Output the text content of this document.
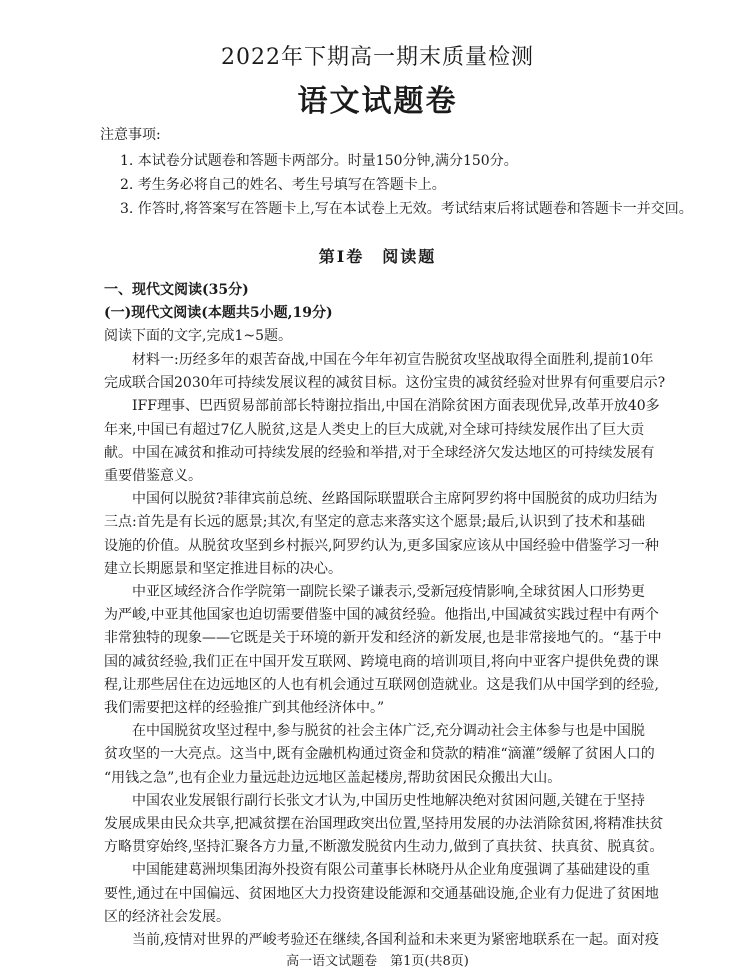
2022年下期高一期末质量检测
语文试题卷
注意事项:
1. 本试卷分试题卷和答题卡两部分。时量150分钟,满分150分。
2. 考生务必将自己的姓名、考生号填写在答题卡上。
3. 作答时,将答案写在答题卡上,写在本试卷上无效。考试结束后将试题卷和答题卡一并交回。
第Ⅰ卷　阅读题
一、现代文阅读(35分)
(一)现代文阅读(本题共5小题,19分)
阅读下面的文字,完成1~5题。
材料一:历经多年的艰苦奋战,中国在今年年初宣告脱贫攻坚战取得全面胜利,提前10年
完成联合国2030年可持续发展议程的减贫目标。这份宝贵的减贫经验对世界有何重要启示?
IFF理事、巴西贸易部前部长特谢拉指出,中国在消除贫困方面表现优异,改革开放40多
年来,中国已有超过7亿人脱贫,这是人类史上的巨大成就,对全球可持续发展作出了巨大贡
献。中国在减贫和推动可持续发展的经验和举措,对于全球经济欠发达地区的可持续发展有
重要借鉴意义。
中国何以脱贫?菲律宾前总统、丝路国际联盟联合主席阿罗约将中国脱贫的成功归结为
三点:首先是有长远的愿景;其次,有坚定的意志来落实这个愿景;最后,认识到了技术和基础
设施的价值。从脱贫攻坚到乡村振兴,阿罗约认为,更多国家应该从中国经验中借鉴学习一种
建立长期愿景和坚定推进目标的决心。
中亚区域经济合作学院第一副院长梁子谦表示,受新冠疫情影响,全球贫困人口形势更
为严峻,中亚其他国家也迫切需要借鉴中国的减贫经验。他指出,中国减贫实践过程中有两个
非常独特的现象——它既是关于环境的新开发和经济的新发展,也是非常接地气的。“基于中
国的减贫经验,我们正在中国开发互联网、跨境电商的培训项目,将向中亚客户提供免费的课
程,让那些居住在边远地区的人也有机会通过互联网创造就业。这是我们从中国学到的经验,
我们需要把这样的经验推广到其他经济体中。”
在中国脱贫攻坚过程中,参与脱贫的社会主体广泛,充分调动社会主体参与也是中国脱
贫攻坚的一大亮点。这当中,既有金融机构通过资金和贷款的精准“滴灌”缓解了贫困人口的
“用钱之急”,也有企业力量远赴边远地区盖起楼房,帮助贫困民众搬出大山。
中国农业发展银行副行长张文才认为,中国历史性地解决绝对贫困问题,关键在于坚持
发展成果由民众共享,把减贫摆在治国理政突出位置,坚持用发展的办法消除贫困,将精准扶贫
方略贯穿始终,坚持汇聚各方力量,不断激发脱贫内生动力,做到了真扶贫、扶真贫、脱真贫。
中国能建葛洲坝集团海外投资有限公司董事长林晓丹从企业角度强调了基础建设的重
要性,通过在中国偏远、贫困地区大力投资建设能源和交通基础设施,企业有力促进了贫困地
区的经济社会发展。
高一语文试题卷　第1页(共8页)
当前,疫情对世界的严峻考验还在继续,各国利益和未来更为紧密地联系在一起。面对疫
